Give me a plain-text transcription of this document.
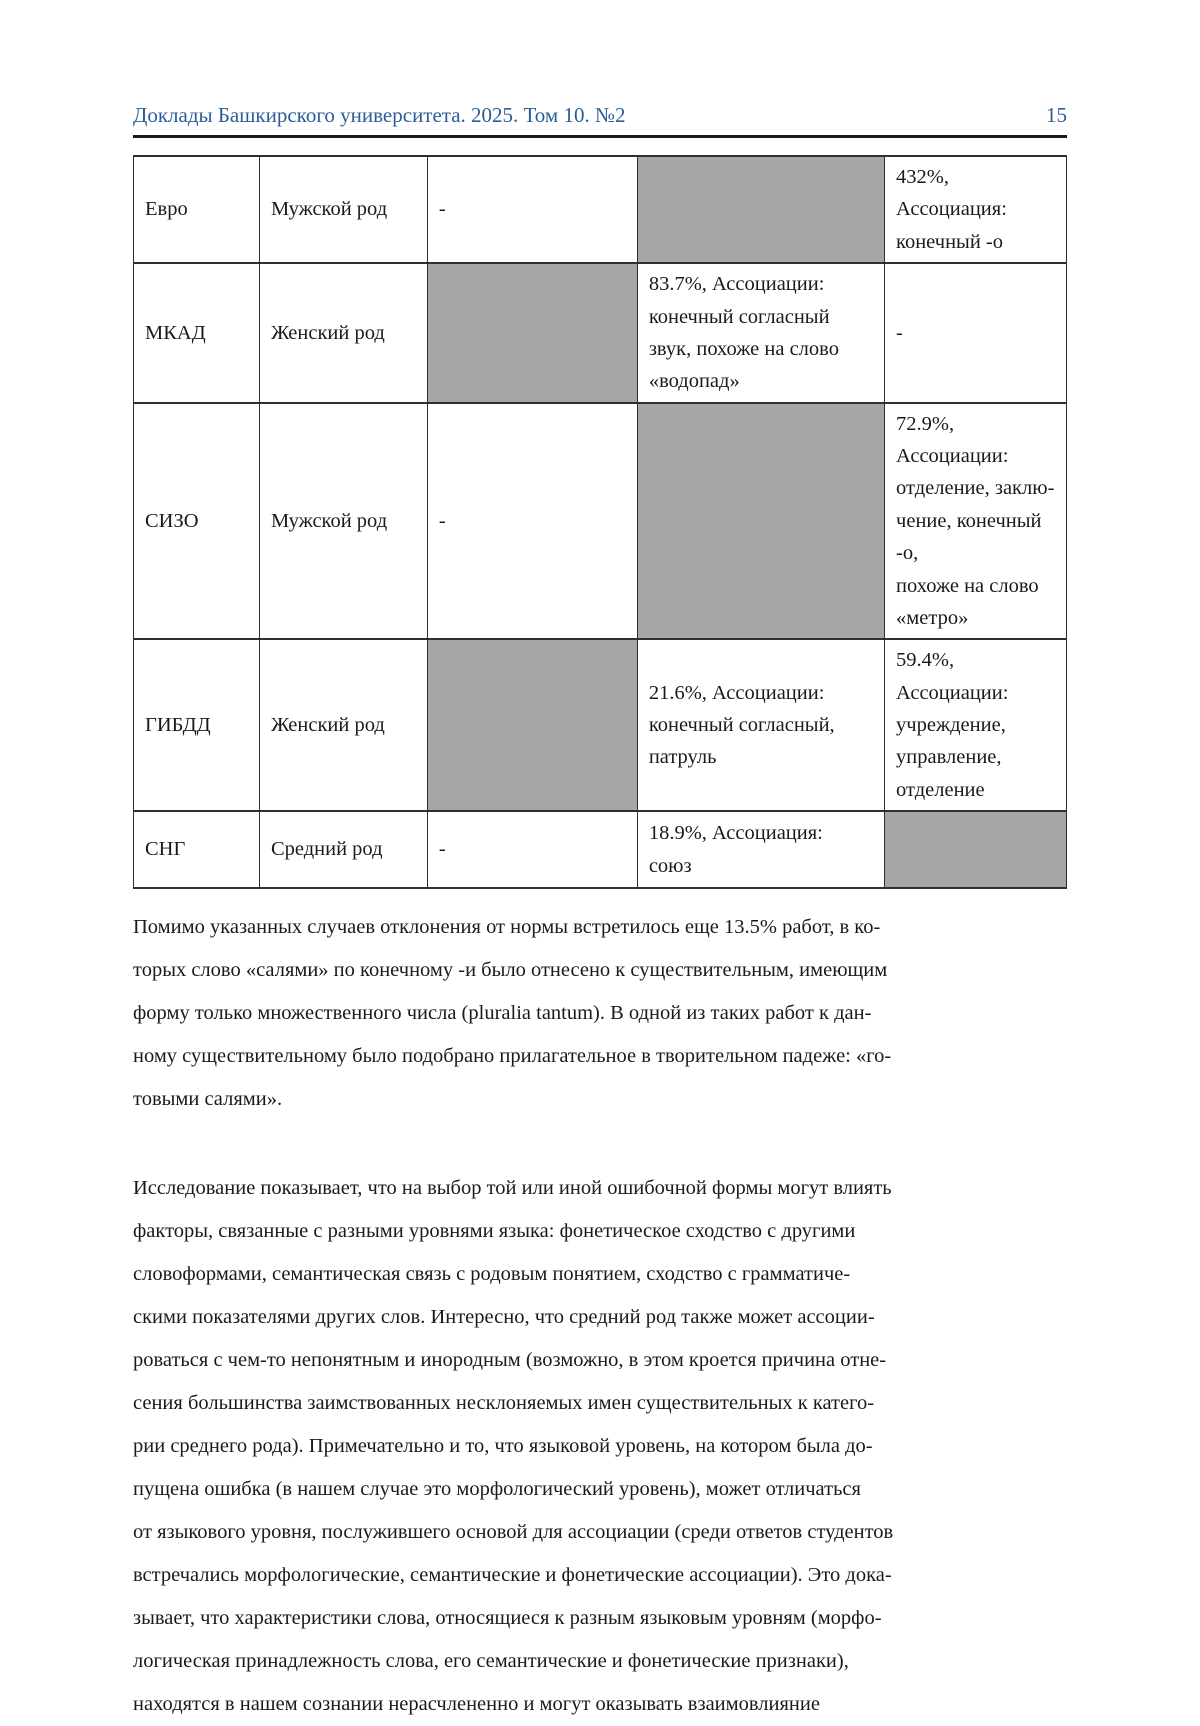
Доклады Башкирского университета. 2025. Том 10. №2	15
Евро	Мужской род	-		432%, Ассоциация:
конечный -о
МКАД	Женский род		83.7%, Ассоциации:
конечный согласный
звук, похоже на слово
«водопад»	-
СИЗО	Мужской род	-		72.9%, Ассоциации:
отделение, заклю-
чение, конечный -о,
похоже на слово
«метро»
ГИБДД	Женский род		21.6%, Ассоциации:
конечный согласный,
патруль	59.4%, Ассоциации:
учреждение,
управление,
отделение
СНГ	Средний род	-	18.9%, Ассоциация:
союз	

Помимо указанных случаев отклонения от нормы встретилось еще 13.5% работ, в ко-
торых слово «салями» по конечному -и было отнесено к существительным, имеющим
форму только множественного числа (pluralia tantum). В одной из таких работ к дан-
ному существительному было подобрано прилагательное в творительном падеже: «го-
товыми салями».

Исследование показывает, что на выбор той или иной ошибочной формы могут влиять
факторы, связанные с разными уровнями языка: фонетическое сходство с другими
словоформами, семантическая связь с родовым понятием, сходство с грамматиче-
скими показателями других слов. Интересно, что средний род также может ассоции-
роваться с чем-то непонятным и инородным (возможно, в этом кроется причина отне-
сения большинства заимствованных несклоняемых имен существительных к катего-
рии среднего рода). Примечательно и то, что языковой уровень, на котором была до-
пущена ошибка (в нашем случае это морфологический уровень), может отличаться
от языкового уровня, послужившего основой для ассоциации (среди ответов студентов
встречались морфологические, семантические и фонетические ассоциации). Это дока-
зывает, что характеристики слова, относящиеся к разным языковым уровням (морфо-
логическая принадлежность слова, его семантические и фонетические признаки),
находятся в нашем сознании нерасчлененно и могут оказывать взаимовлияние
